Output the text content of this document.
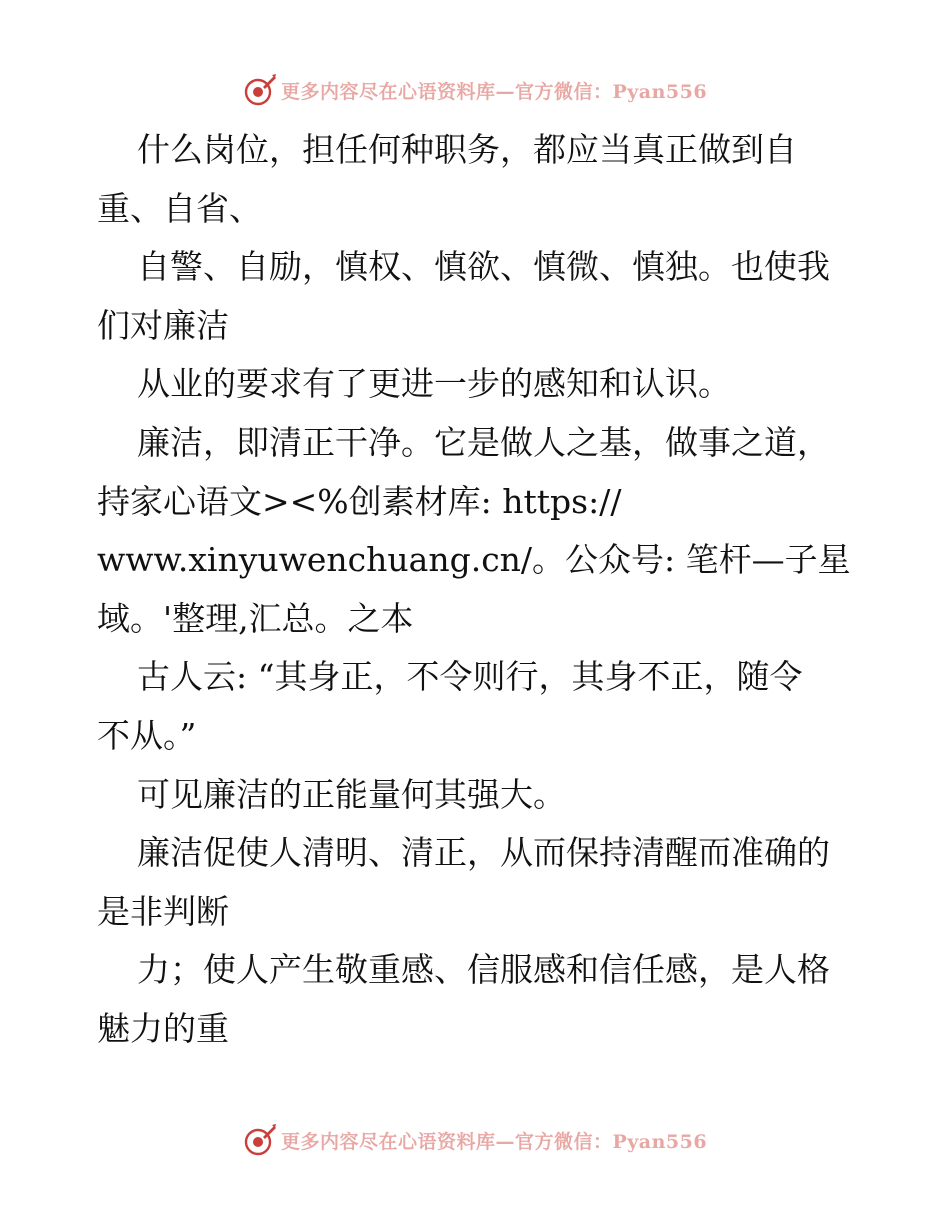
更多内容尽在心语资料库—官方微信：Pyan556
什么岗位，担任何种职务，都应当真正做到自
重、自省、
自警、自励，慎权、慎欲、慎微、慎独。也使我
们对廉洁
从业的要求有了更进一步的感知和认识。
廉洁，即清正干净。它是做人之基，做事之道，
持家心语文><%创素材库: https://
www.xinyuwenchuang.cn/。公众号: 笔杆—子星
域。'整理,汇总。之本
古人云: “其身正，不令则行，其身不正，随令
不从。”
可见廉洁的正能量何其强大。
廉洁促使人清明、清正，从而保持清醒而准确的
是非判断
力；使人产生敬重感、信服感和信任感，是人格
魅力的重
更多内容尽在心语资料库—官方微信：Pyan556
